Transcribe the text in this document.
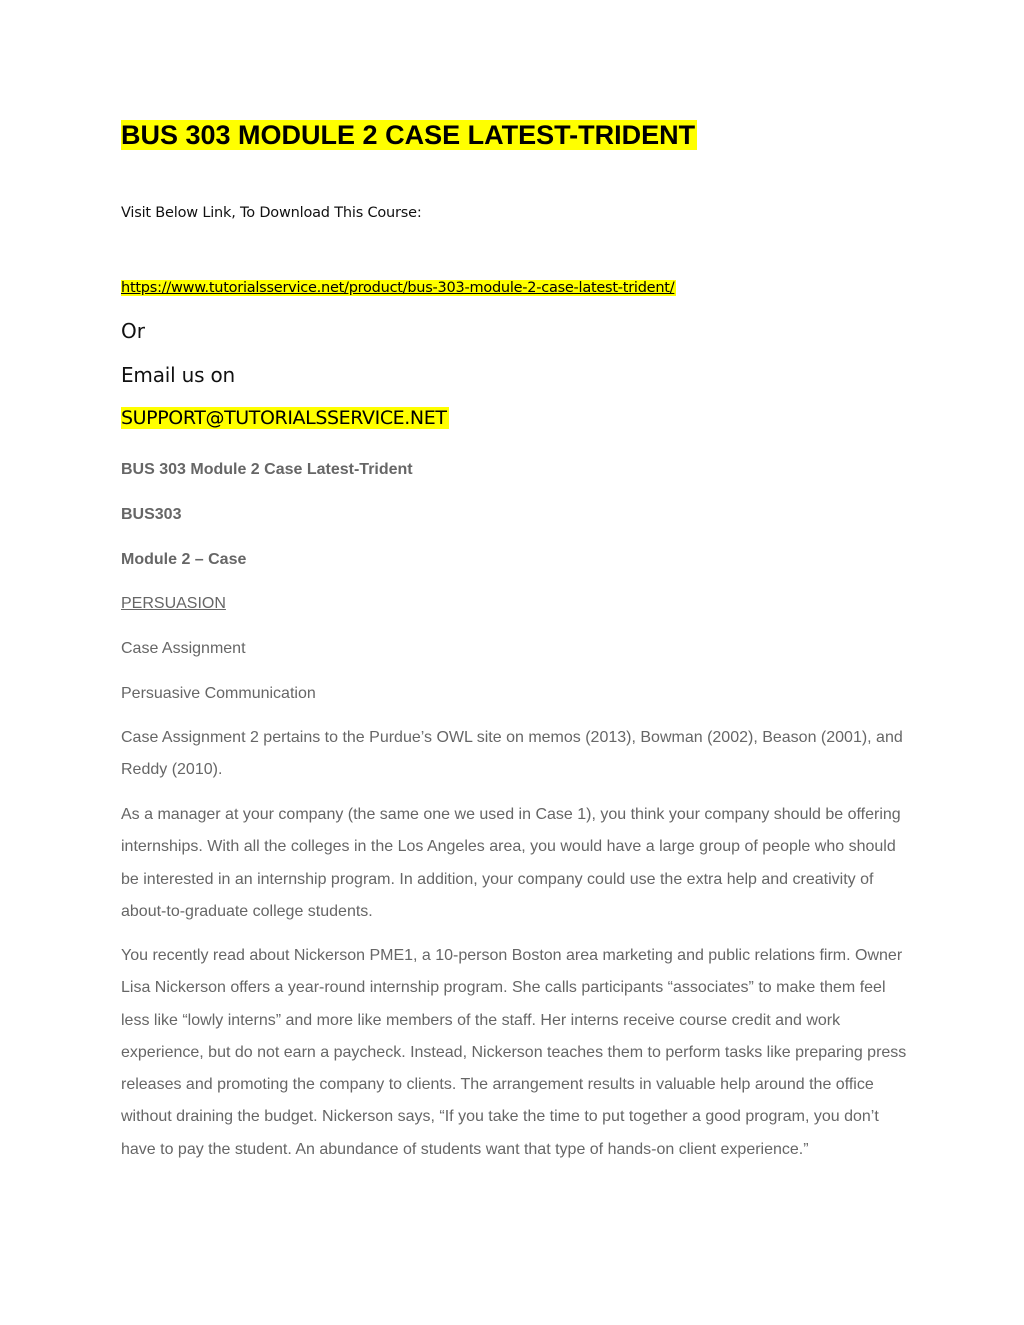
BUS 303 MODULE 2 CASE LATEST-TRIDENT
Visit Below Link, To Download This Course:
https://www.tutorialsservice.net/product/bus-303-module-2-case-latest-trident/
Or
Email us on
SUPPORT@TUTORIALSSERVICE.NET
BUS 303 Module 2 Case Latest-Trident
BUS303
Module 2 – Case
PERSUASION
Case Assignment
Persuasive Communication

Case Assignment 2 pertains to the Purdue’s OWL site on memos (2013), Bowman (2002), Beason (2001), and Reddy (2010).

As a manager at your company (the same one we used in Case 1), you think your company should be offering internships. With all the colleges in the Los Angeles area, you would have a large group of people who should be interested in an internship program. In addition, your company could use the extra help and creativity of about-to-graduate college students.

You recently read about Nickerson PME1, a 10-person Boston area marketing and public relations firm. Owner Lisa Nickerson offers a year-round internship program. She calls participants “associates” to make them feel less like “lowly interns” and more like members of the staff. Her interns receive course credit and work experience, but do not earn a paycheck. Instead, Nickerson teaches them to perform tasks like preparing press releases and promoting the company to clients. The arrangement results in valuable help around the office without draining the budget. Nickerson says, “If you take the time to put together a good program, you don’t have to pay the student. An abundance of students want that type of hands-on client experience.”
